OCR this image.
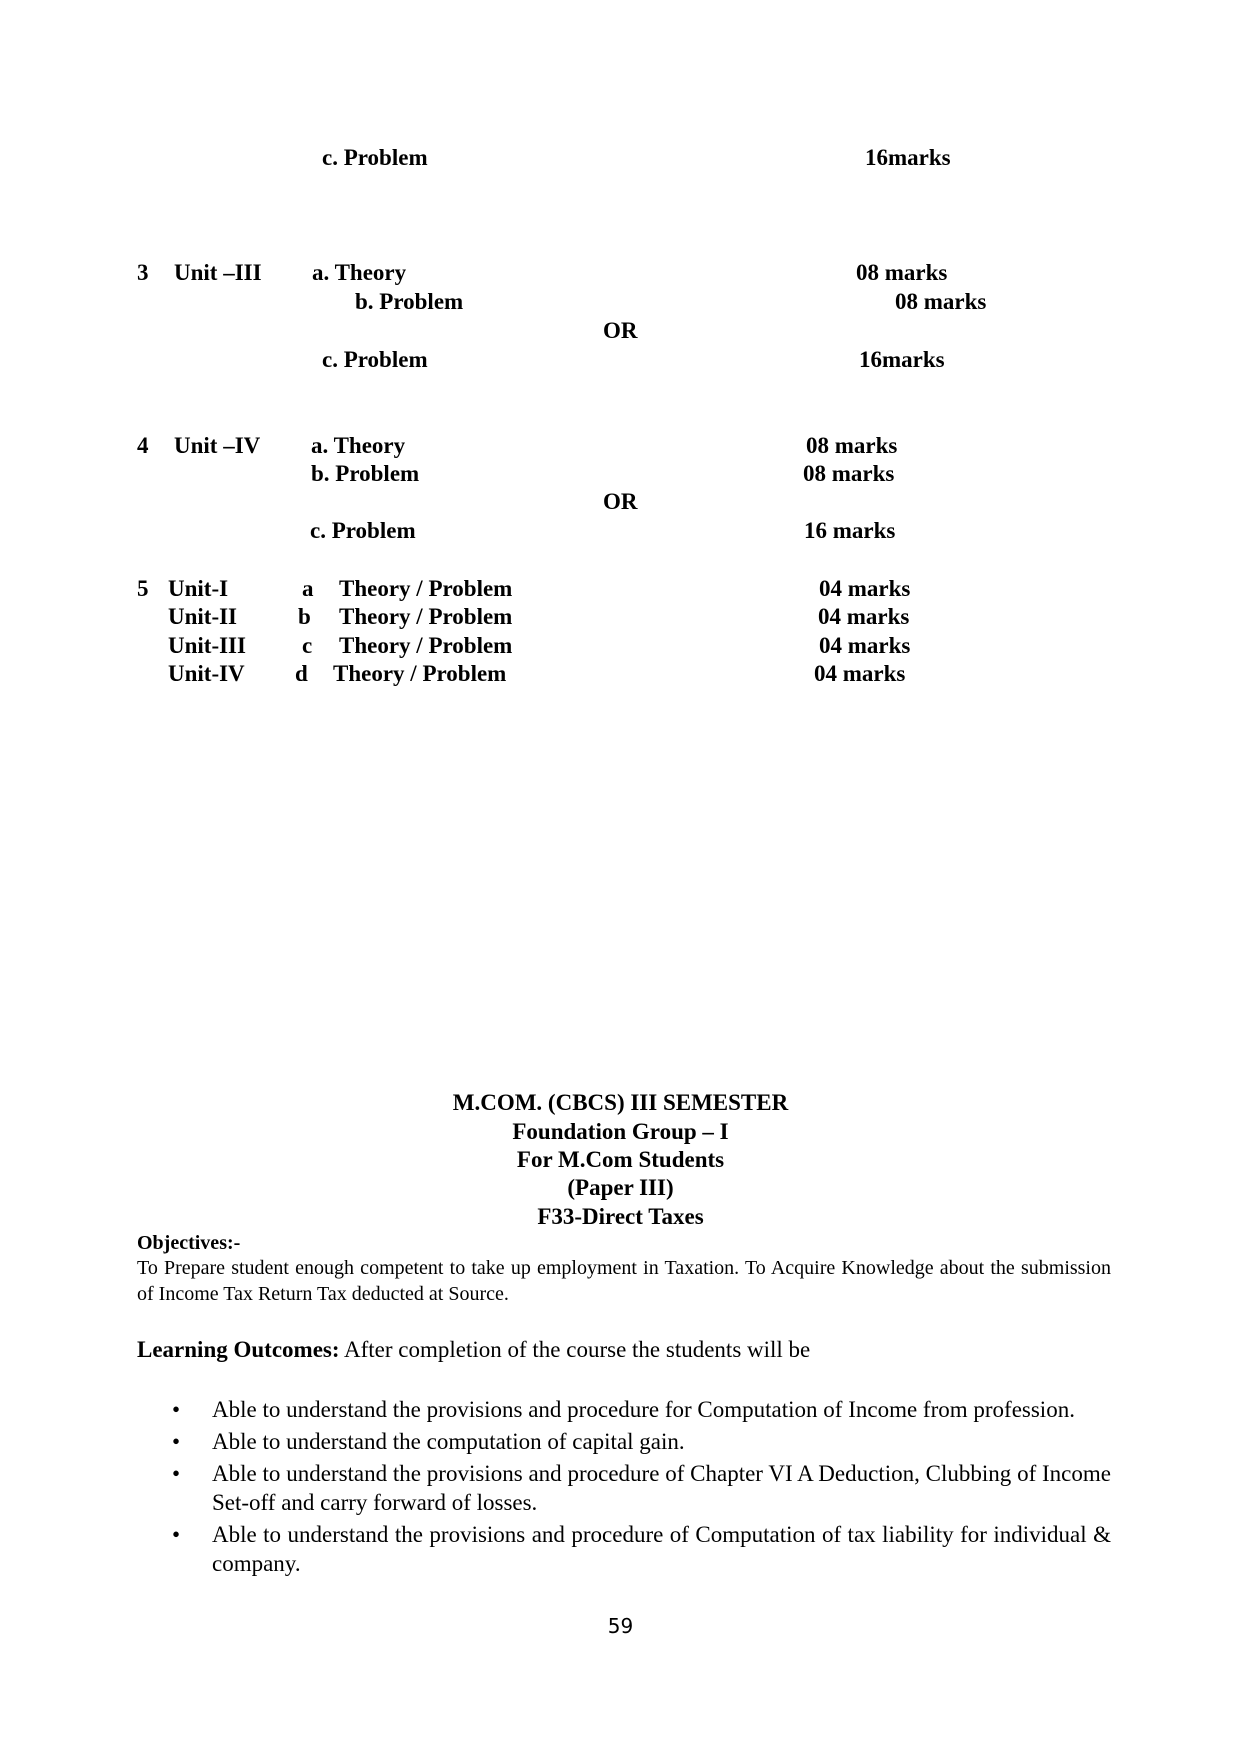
c. Problem	16marks
3 Unit –III a. Theory	08 marks
b. Problem	08 marks
OR
c. Problem	16marks
4 Unit –IV a. Theory	08 marks
b. Problem	08 marks
OR
c. Problem	16 marks
5 Unit-I	a Theory / Problem	04 marks
Unit-II	b Theory / Problem	04 marks
Unit-III c Theory / Problem	04 marks
Unit-IV d Theory / Problem	04 marks
M.COM. (CBCS) III SEMESTER
Foundation Group – I
For M.Com Students
(Paper III)
F33-Direct Taxes
Objectives:-
To Prepare student enough competent to take up employment in Taxation. To Acquire Knowledge about the submission of Income Tax Return Tax deducted at Source.
Learning Outcomes: After completion of the course the students will be
• Able to understand the provisions and procedure for Computation of Income from profession.
• Able to understand the computation of capital gain.
• Able to understand the provisions and procedure of Chapter VI A Deduction, Clubbing of Income Set-off and carry forward of losses.
• Able to understand the provisions and procedure of Computation of tax liability for individual & company.
59
